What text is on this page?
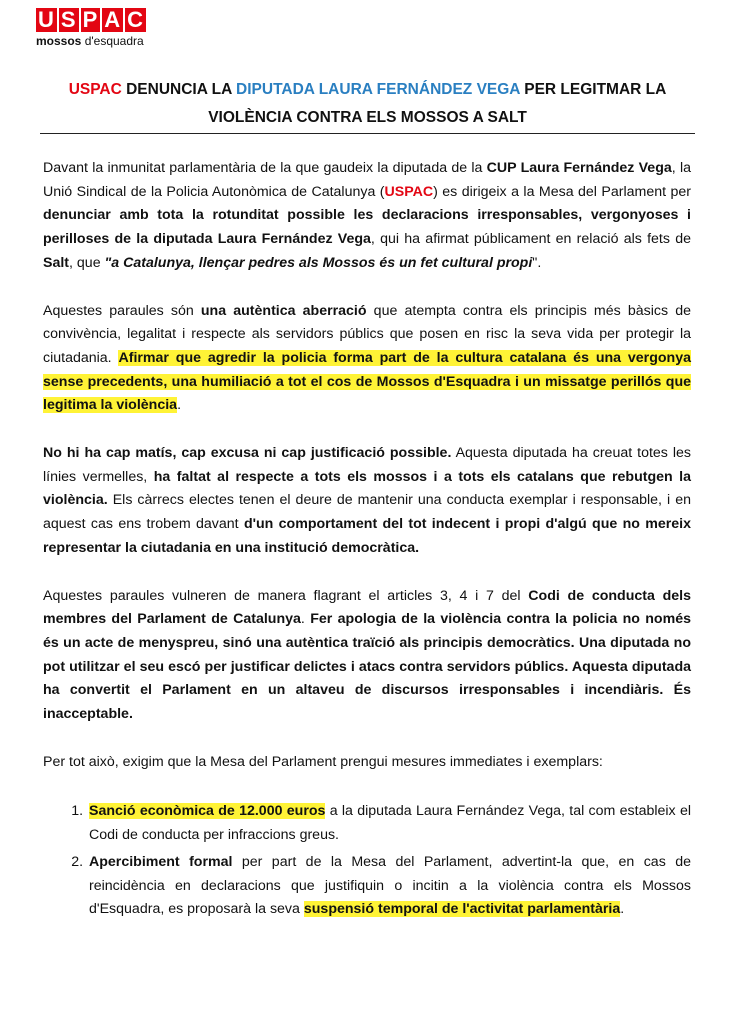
U S P A C
mossos d'esquadra
USPAC DENUNCIA LA DIPUTADA LAURA FERNÁNDEZ VEGA PER LEGITMAR LA VIOLÈNCIA CONTRA ELS MOSSOS A SALT

Davant la inmunitat parlamentària de la que gaudeix la diputada de la CUP Laura Fernández Vega, la Unió Sindical de la Policia Autonòmica de Catalunya (USPAC) es dirigeix a la Mesa del Parlament per denunciar amb tota la rotunditat possible les declaracions irresponsables, vergonyoses i perilloses de la diputada Laura Fernández Vega, qui ha afirmat públicament en relació als fets de Salt, que "a Catalunya, llençar pedres als Mossos és un fet cultural propi".

Aquestes paraules són una autèntica aberració que atempta contra els principis més bàsics de convivència, legalitat i respecte als servidors públics que posen en risc la seva vida per protegir la ciutadania. Afirmar que agredir la policia forma part de la cultura catalana és una vergonya sense precedents, una humiliació a tot el cos de Mossos d'Esquadra i un missatge perillós que legitima la violència.

No hi ha cap matís, cap excusa ni cap justificació possible. Aquesta diputada ha creuat totes les línies vermelles, ha faltat al respecte a tots els mossos i a tots els catalans que rebutgen la violència. Els càrrecs electes tenen el deure de mantenir una conducta exemplar i responsable, i en aquest cas ens trobem davant d'un comportament del tot indecent i propi d'algú que no mereix representar la ciutadania en una institució democràtica.

Aquestes paraules vulneren de manera flagrant el articles 3, 4 i 7 del Codi de conducta dels membres del Parlament de Catalunya. Fer apologia de la violència contra la policia no només és un acte de menyspreu, sinó una autèntica traïció als principis democràtics. Una diputada no pot utilitzar el seu escó per justificar delictes i atacs contra servidors públics. Aquesta diputada ha convertit el Parlament en un altaveu de discursos irresponsables i incendiàris. És inacceptable.

Per tot això, exigim que la Mesa del Parlament prengui mesures immediates i exemplars:

1. Sanció econòmica de 12.000 euros a la diputada Laura Fernández Vega, tal com estableix el Codi de conducta per infraccions greus.
2. Apercibiment formal per part de la Mesa del Parlament, advertint-la que, en cas de reincidència en declaracions que justifiquin o incitin a la violència contra els Mossos d'Esquadra, es proposarà la seva suspensió temporal de l'activitat parlamentària.
